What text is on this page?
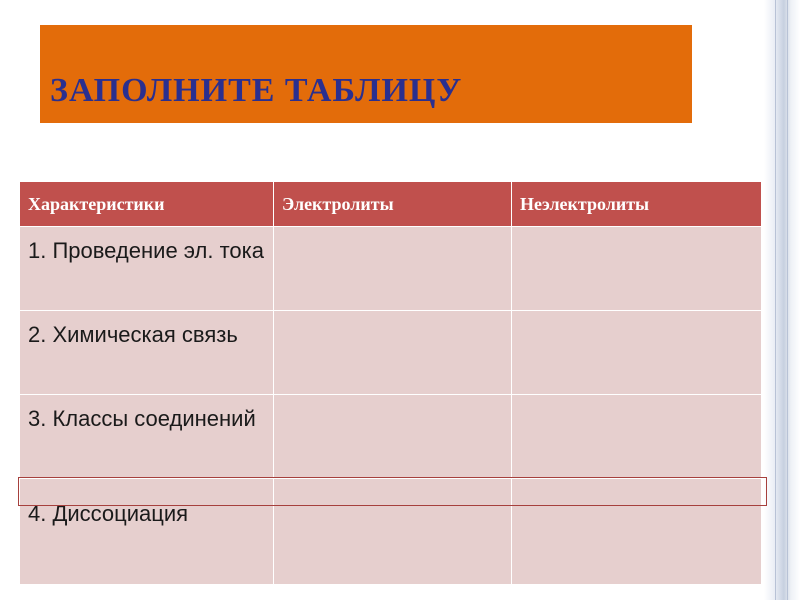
ЗАПОЛНИТЕ ТАБЛИЦУ
Характеристики	Электролиты	Неэлектролиты
1. Проведение эл. тока		
2. Химическая связь		
3. Классы соединений		
4. Диссоциация		
